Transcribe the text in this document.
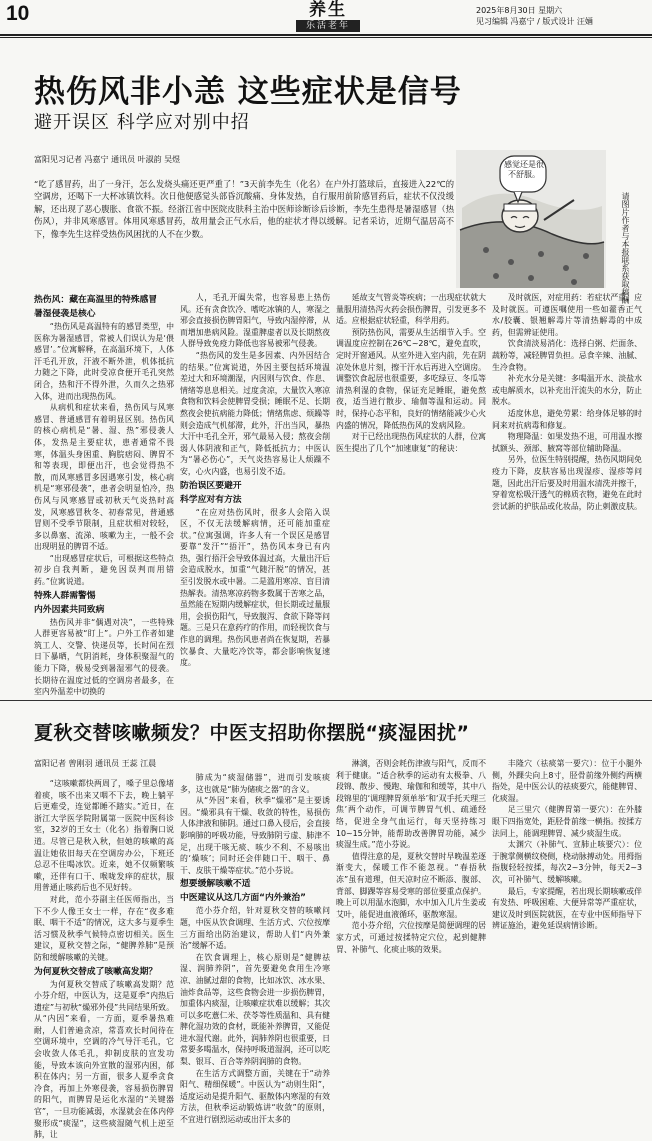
10	养生
乐活老年
2025年8月30日 星期六
见习编辑 冯嘉宁 / 版式设计 汪婳
热伤风非小恙 这些症状是信号
避开误区 科学应对别中招
富阳见习记者 冯嘉宁 通讯员 叶淑韵 吴煜
“吃了感冒药，出了一身汗，怎么发烧头痛还更严重了！”3天前李先生（化名）在户外打篮球后，直接进入22℃的空调房，还喝下一大杯冰镇饮料。次日他便感觉头部昏沉酸痛、身体发热，自行服用前阶感冒药后，症状不仅没缓解，还出现了恶心腹胀、食欲不振。经浙江省中医院皮肤科主治中医师诊断诊后诊断，李先生患得是暑湿感冒（热伤风），并非风寒感冒。体用风寒感冒药，故用量会正气水后，他的症状才得以缓解。记者采访，近期气温居高不下，像李先生这样受热伤风困扰的人不在少数。
感觉还是很不舒服。
请图片作者与本报联系获取稿酬
热伤风：藏在高温里的特殊感冒
暑湿侵袭是核心

“热伤风是高温特有的感冒类型，中医称为暑湿感冒，常被人们误认为是‘偎感冒’。”位寓解释，在高温环境下，人体汗毛孔开放，汗液不断外泄，机体抵抗力随之下降，此时受凉食便开毛孔突然闭合，热和汗不得外泄，久而久之热邪入体，进而出现热伤风。

从病机和症状来看，热伤风与风寒感冒、普通感冒有着明显区别。热伤风的核心病机是“暑、湿、热”邪侵袭人体，发热是主要症状，患者通常不畏寒，体温头身困重、胸脘痞闷、脾胃不和等表现，即便出汗，也会觉得热不散，而风寒感冒多因遇寒引发，核心病机是“寒邪侵袭”，患者会明显怕冷，热伤风与风寒感冒或初秋天气炎热时高发，风寒感冒秋冬、初春常见，普通感冒则不受季节限制，且症状相对较轻，多以鼻塞、流涕、咳嗽为主，一般不会出现明显的脾胃不适。

“出现感冒症状后，可根据这些特点初步自我判断，避免因误判而用错药。”位寓说道。

特殊人群需警惕
内外因素共同致病

热伤风并非“偶遇对决”，一些特殊人群更容易被“盯上”。户外工作者如建筑工人、交警、快递员等，长时间在烈日下暴晒，气阴消耗，身体积聚湿气的能力下降，极易受到暑湿邪气的侵袭。长期待在温度过低的空调房者最多，在室内外温差中切换的

人，毛孔开阖失常，也容易患上热伤风。还有贪食饮冷、嗜吃冰镇的人，寒湿之邪会直接损伤脾胃阳气，导致内湿停滞，从而增加患病风险。湿重脾虚者以及长期熬夜人群导致免疫力降低也容易被邪气侵袭。

“热伤风的发生是多因素、内外因结合的结果。”位寓说道，外因主要包括环境温差过大和环境潮湿，内因则与饮食、作息、情绪等息息相关。过度贪凉，大量饮入寒凉食物和饮料会使脾胃受损；睡眠不足、长期熬夜会使抗病能力降低；情绪焦虑、烦躁等则会造成气机郁滞，此外，汗出当风，暴热大汗中毛孔全开，邪气最易入侵；熬夜会削弱人体阴液和正气，降低抵抗力；中医认为“暑必伤心”，天气炎热容易让人烦躁不安，心火内盛，也易引发不适。

防治误区要避开
科学应对有方法

“在应对热伤风时，很多人会陷入误区，不仅无法缓解病情，还可能加重症状。”位寓强调，许多人有一个误区是感冒要靠“发汗”“捂汗”，热伤风本身已有内热，强行捂汗会导致体温过高，大量出汗后会造成脱水，加重“气随汗脱”的情况，甚至引发脱水或中暑。二是滥用寒凉、盲目清热解表。清热寒凉药物多数属于苦寒之品，虽然能在短期内缓解症状，但长期或过量服用，会损伤阳气，导致腹泻、食欲下降等问题。三是只在意药疗的作用，而轻视饮食与作息的调理。热伤风患者尚在恢复期，若暴饮暴食、大量吃冷饮等，都会影响恢复速度。

延故支气管炎等疾病；一出现症状就大量服用清热泻火药会损伤脾胃，引发更多不适。应根据症状轻重，科学用药。

预防热伤风，需要从生活细节入手。空调温度应控制在26℃~28℃，避免直吹，定时开窗通风。从室外进入室内前，先在阴凉处休息片刻，擦干汗水后再进入空调房。调整饮食起居也很重要，多吃绿豆、冬瓜等清热利湿的食物，保证充足睡眠，避免熬夜，适当进行散步、瑜伽等温和运动。同时，保持心态平和，良好的情绪能减少心火内盛的情况，降低热伤风的发病风险。

对于已经出现热伤风症状的人群，位寓医生提出了几个“加速康复”的秘诀：

及时就医，对症用药：若症状严重，应及时就医。可遵医嘱使用一些如藿香正气水/胶囊、银翘解毒片等清热解毒的中成药，但需辨证使用。

饮食清淡易消化：选择白粥、烂面条、蔬粉等，减轻脾胃负担。忌食辛辣、油腻、生冷食物。

补充水分是关键：多喝温开水、淡盐水或电解质水，以补充出汗流失的水分，防止脱水。

适度休息，避免劳累：给身体足够的时间来对抗病毒和修复。

物理降温：如果发热不退，可用温水擦拭额头、颈部、腋窝等部位辅助降温。

另外，位医生特别提醒，热伤风期间免疫力下降，皮肤容易出现湿疹、湿疹等问题，因此出汗后要及时用温水清洗并擦干，穿着宽松吸汗透气的棉质衣物，避免在此时尝试新的护肤品或化妆品，防止刺激皮肤。

夏秋交替咳嗽频发？中医支招助你摆脱“痰湿困扰”
富阳记者 曾刚羽 通讯员 王蕊 江晨

“这咳嗽都快两周了，嗓子里总像堵着痰，咳不出来又咽不下去，晚上躺平后更难受，连觉都睡不踏实。”近日，在浙江大学医学院附属第一医院中医科诊室，32岁的王女士（化名）指着胸口说道。尽管已是秋入秋，但她的咳嗽的高温让她依旧每天在空调房办公，下班还总忍不住喝冰饮。近来，她不仅频繁咳嗽，还伴有口干、喉咙发痒的症状，服用普通止咳药后也不见好转。

对此，范小芬副主任医师指出，当下不少人像王女士一样，存在“夜多难眠、咽干不适”的情况，这大多与夏季生活习惯及秋季气候特点密切相关。医生建议，夏秋交替之际，“健脾养肺”是预防和缓解咳嗽的关键。

为何夏秋交替成了咳嗽高发期？

为何夏秋交替成了咳嗽高发期？范小芬介绍，中医认为，这是夏季“内热后遗症”与初秋“燥邪外侵”共同结果所致。从“内因”来看，一方面，夏季暑热难耐，人们普遍贪凉，常喜欢长时间待在空调环境中，空调的冷气导汗毛孔，它会收敛人体毛孔，抑制皮肤的宣发功能，导致本该向外宣散的湿邪内困，郁积在体内；另一方面，很多人夏季贪食冷食，再加上外寒侵袭，容易损伤脾胃的阳气，而脾胃是运化水湿的“关键器官”，一旦功能减弱，水湿就会在体内停聚形成“痰湿”，这些痰湿随气机上逆至肺，让

肺成为“痰湿储器”，进而引发咳痰多，这也就是“肺为储痰之器”的含义。

从“外因”来看，秋季“燥邪”是主要诱因。“燥邪具有干燥、收敛的特性，易损伤人体津液和肺阴。通过口鼻入侵后，会直接影响肺的呼吸功能，导致肺阴亏虚、肺津不足，出现干咳无痰、咳少不利、不易咳出的‘燥咳’；同时还会伴随口干、咽干、鼻干、皮肤干燥等症状。”范小芬说。

想要缓解咳嗽不适
中医建议从这几方面“内外兼治”

范小芬介绍，针对夏秋交替的咳嗽问题，中医从饮食调理、生活方式、穴位按摩三方面给出防治建议，帮助人们“内外兼治”缓解不适。

在饮食调理上，核心原则是“健脾祛湿、润肺养阴”，首先要避免食用生冷寒凉、油腻过甜的食物，比如冰饮、冰水果、油炸食品等，这些食物会进一步损伤脾胃，加重体内痰湿，让咳嗽症状难以缓解；其次可以多吃薏仁米、茯苓等性质温和、具有健脾化湿功效的食材，既能补养脾胃，又能促进水湿代谢。此外，润肺养阴也很重要，日常要多喝温水，保持呼吸道湿润，还可以吃梨、银耳、百合等养阴润肺的食物。

在生活方式调整方面，关键在于“动养阳气、精细保暖”。中医认为“动则生阳”，适度运动是提升阳气、驱散体内寒湿的有效方法，但秋季运动锻炼讲“收敛”的原则，不宜进行剧烈运动或出汗太多的

淋漓，否则会耗伤津液与阳气，反而不利于健康。“适合秋季的运动有太极拳、八段锦、散步、慢跑、瑜伽和和缓等，其中八段锦里的‘调理脾胃须单举’和‘双手托天理三焦’两个动作，可调节脾胃气机、疏通经络，促进全身气血运行，每天坚持练习10~15分钟，能帮助改善脾胃功能，减少痰湿生成。”范小芬说。

值得注意的是，夏秋交替时早晚温差逐渐变大，保暖工作不能忽视。“春捂秋冻”虽有道理，但天凉时应不断添、腹部、背部、脚踝等容易受寒的部位要重点保护。晚上可以用温水泡脚，水中加入几片生姜或艾叶，能促进血液循环，驱散寒湿。

范小芬介绍，穴位按摩是简便调理的居家方式，可通过按揉特定穴位，起到健脾胃、补肺气、化痰止咳的效果。

丰隆穴（祛痰第一要穴）：位于小腿外侧，外踝尖向上8寸，胫骨前缘外侧约两横指处，是中医公认的祛痰要穴，能健脾胃、化痰湿。

足三里穴（健脾胃第一要穴）：在外膝眼下四指宽处，距胫骨前缘一横指。按揉方法同上，能调理脾胃、减少痰湿生成。

太渊穴（补肺气、宣肺止咳要穴）：位于腕掌侧横纹桡侧，桡动脉搏动处。用拇指指腹轻轻按揉，每次2~3分钟，每天2~3次，可补肺气、缓解咳嗽。

最后，专家提醒，若出现长期咳嗽或伴有发热、呼吸困难、大便异常等严重症状，建议及时到医院就医，在专业中医师指导下辨证施治，避免延误病情诊断。
